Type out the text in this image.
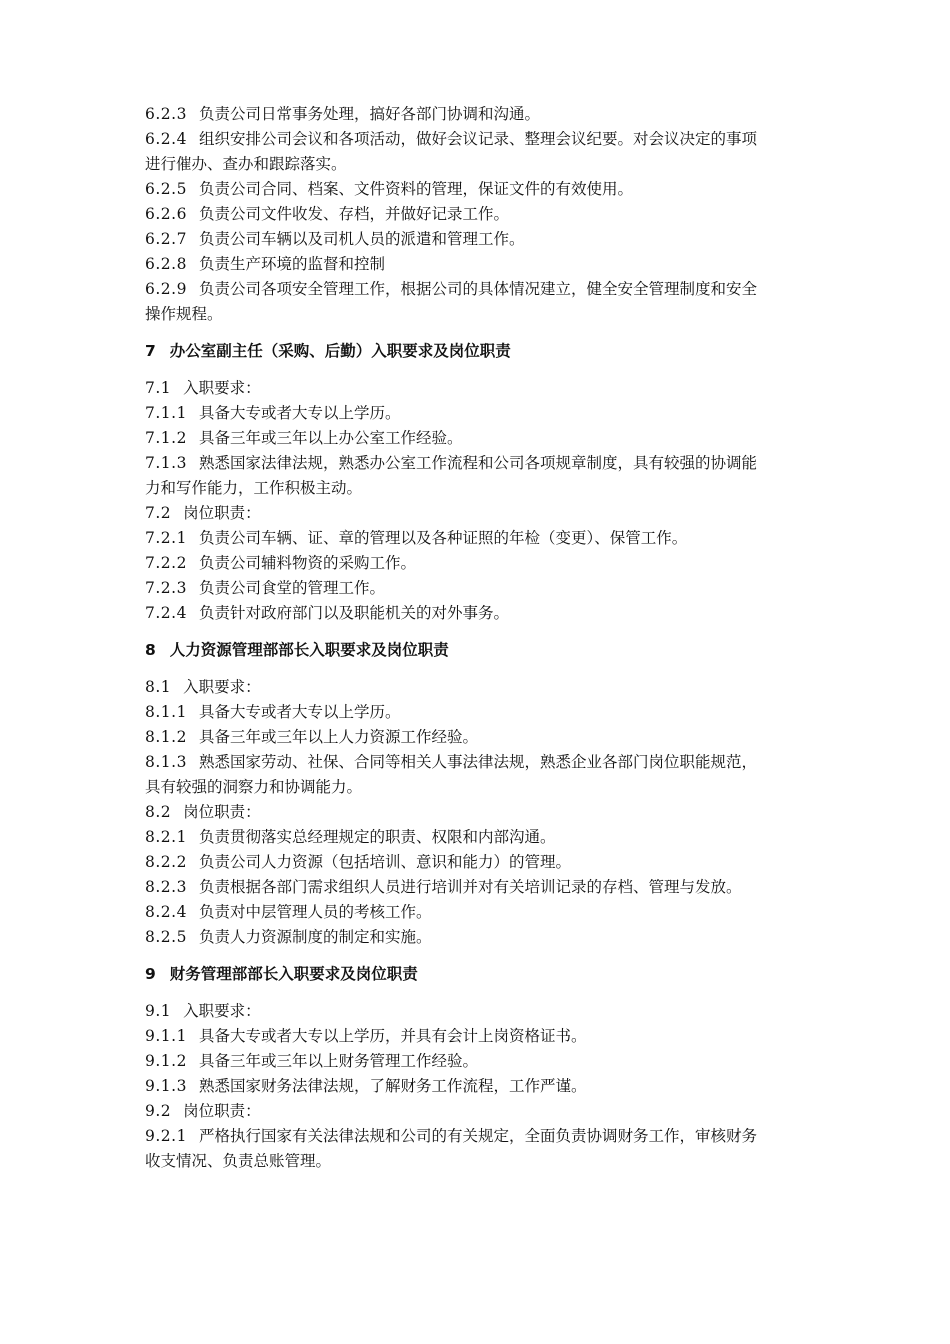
6.2.3 负责公司日常事务处理，搞好各部门协调和沟通。
6.2.4 组织安排公司会议和各项活动，做好会议记录、整理会议纪要。对会议决定的事项
进行催办、查办和跟踪落实。
6.2.5 负责公司合同、档案、文件资料的管理，保证文件的有效使用。
6.2.6 负责公司文件收发、存档，并做好记录工作。
6.2.7 负责公司车辆以及司机人员的派遣和管理工作。
6.2.8 负责生产环境的监督和控制
6.2.9 负责公司各项安全管理工作，根据公司的具体情况建立，健全安全管理制度和安全
操作规程。
7 办公室副主任（采购、后勤）入职要求及岗位职责
7.1 入职要求：
7.1.1 具备大专或者大专以上学历。
7.1.2 具备三年或三年以上办公室工作经验。
7.1.3 熟悉国家法律法规，熟悉办公室工作流程和公司各项规章制度，具有较强的协调能
力和写作能力，工作积极主动。
7.2 岗位职责：
7.2.1 负责公司车辆、证、章的管理以及各种证照的年检（变更）、保管工作。
7.2.2 负责公司辅料物资的采购工作。
7.2.3 负责公司食堂的管理工作。
7.2.4 负责针对政府部门以及职能机关的对外事务。
8 人力资源管理部部长入职要求及岗位职责
8.1 入职要求：
8.1.1 具备大专或者大专以上学历。
8.1.2 具备三年或三年以上人力资源工作经验。
8.1.3 熟悉国家劳动、社保、合同等相关人事法律法规，熟悉企业各部门岗位职能规范，
具有较强的洞察力和协调能力。
8.2 岗位职责：
8.2.1 负责贯彻落实总经理规定的职责、权限和内部沟通。
8.2.2 负责公司人力资源（包括培训、意识和能力）的管理。
8.2.3 负责根据各部门需求组织人员进行培训并对有关培训记录的存档、管理与发放。
8.2.4 负责对中层管理人员的考核工作。
8.2.5 负责人力资源制度的制定和实施。
9 财务管理部部长入职要求及岗位职责
9.1 入职要求：
9.1.1 具备大专或者大专以上学历，并具有会计上岗资格证书。
9.1.2 具备三年或三年以上财务管理工作经验。
9.1.3 熟悉国家财务法律法规，了解财务工作流程，工作严谨。
9.2 岗位职责：
9.2.1 严格执行国家有关法律法规和公司的有关规定，全面负责协调财务工作，审核财务
收支情况、负责总账管理。
